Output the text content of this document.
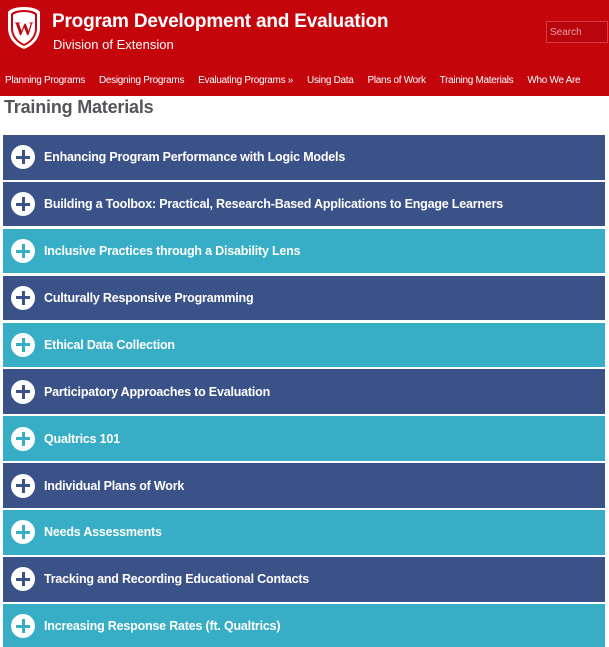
W Program Development and Evaluation
Division of Extension
Search
Planning Programs Designing Programs Evaluating Programs » Using Data Plans of Work Training Materials Who We Are
Training Materials
Enhancing Program Performance with Logic Models
Building a Toolbox: Practical, Research-Based Applications to Engage Learners
Inclusive Practices through a Disability Lens
Culturally Responsive Programming
Ethical Data Collection
Participatory Approaches to Evaluation
Qualtrics 101
Individual Plans of Work
Needs Assessments
Tracking and Recording Educational Contacts
Increasing Response Rates (ft. Qualtrics)
